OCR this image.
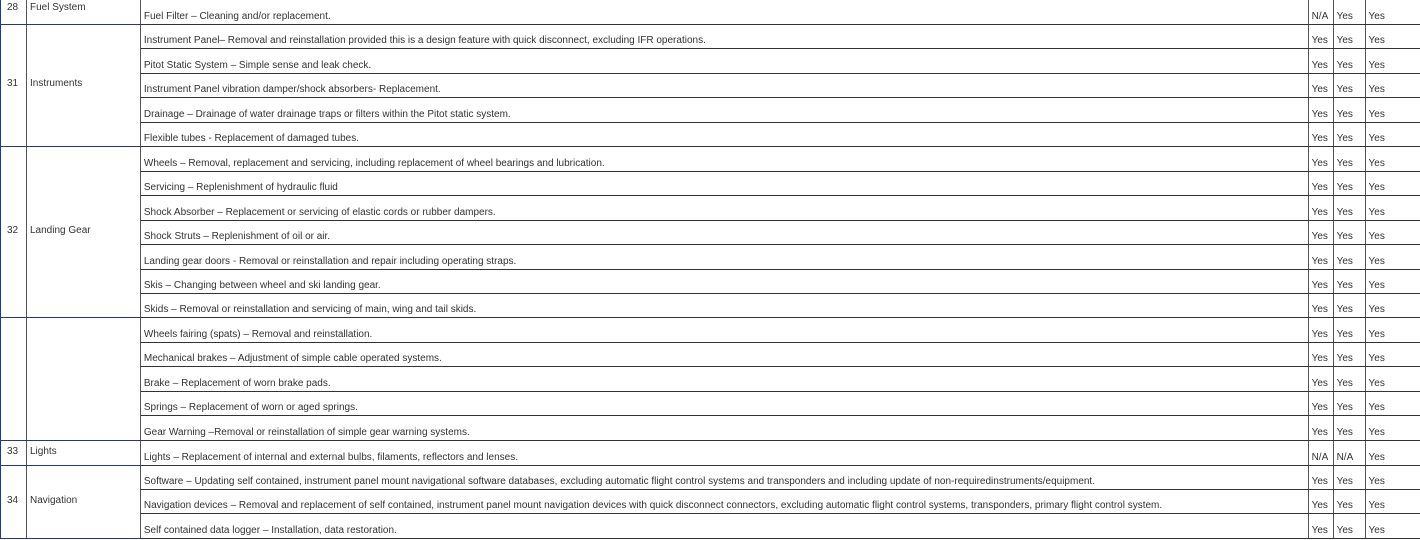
28	Fuel System	Fuel Filter – Cleaning and/or replacement.	N/A	Yes	Yes
31	Instruments	Instrument Panel– Removal and reinstallation provided this is a design feature with quick disconnect, excluding IFR operations.	Yes	Yes	Yes
		Pitot Static System – Simple sense and leak check.	Yes	Yes	Yes
		Instrument Panel vibration damper/shock absorbers- Replacement.	Yes	Yes	Yes
		Drainage – Drainage of water drainage traps or filters within the Pitot static system.	Yes	Yes	Yes
		Flexible tubes - Replacement of damaged tubes.	Yes	Yes	Yes
32	Landing Gear	Wheels – Removal, replacement and servicing, including replacement of wheel bearings and lubrication.	Yes	Yes	Yes
		Servicing – Replenishment of hydraulic fluid	Yes	Yes	Yes
		Shock Absorber – Replacement or servicing of elastic cords or rubber dampers.	Yes	Yes	Yes
		Shock Struts – Replenishment of oil or air.	Yes	Yes	Yes
		Landing gear doors - Removal or reinstallation and repair including operating straps.	Yes	Yes	Yes
		Skis – Changing between wheel and ski landing gear.	Yes	Yes	Yes
		Skids – Removal or reinstallation and servicing of main, wing and tail skids.	Yes	Yes	Yes
		Wheels fairing (spats) – Removal and reinstallation.	Yes	Yes	Yes
		Mechanical brakes – Adjustment of simple cable operated systems.	Yes	Yes	Yes
		Brake – Replacement of worn brake pads.	Yes	Yes	Yes
		Springs – Replacement of worn or aged springs.	Yes	Yes	Yes
		Gear Warning –Removal or reinstallation of simple gear warning systems.	Yes	Yes	Yes
33	Lights	Lights – Replacement of internal and external bulbs, filaments, reflectors and lenses.	N/A	N/A	Yes
34	Navigation	Software – Updating self contained, instrument panel mount navigational software databases, excluding automatic flight control systems and transponders and including update of non-requiredinstruments/equipment.	Yes	Yes	Yes
		Navigation devices – Removal and replacement of self contained, instrument panel mount navigation devices with quick disconnect connectors, excluding automatic flight control systems, transponders, primary flight control system.	Yes	Yes	Yes
		Self contained data logger – Installation, data restoration.	Yes	Yes	Yes
